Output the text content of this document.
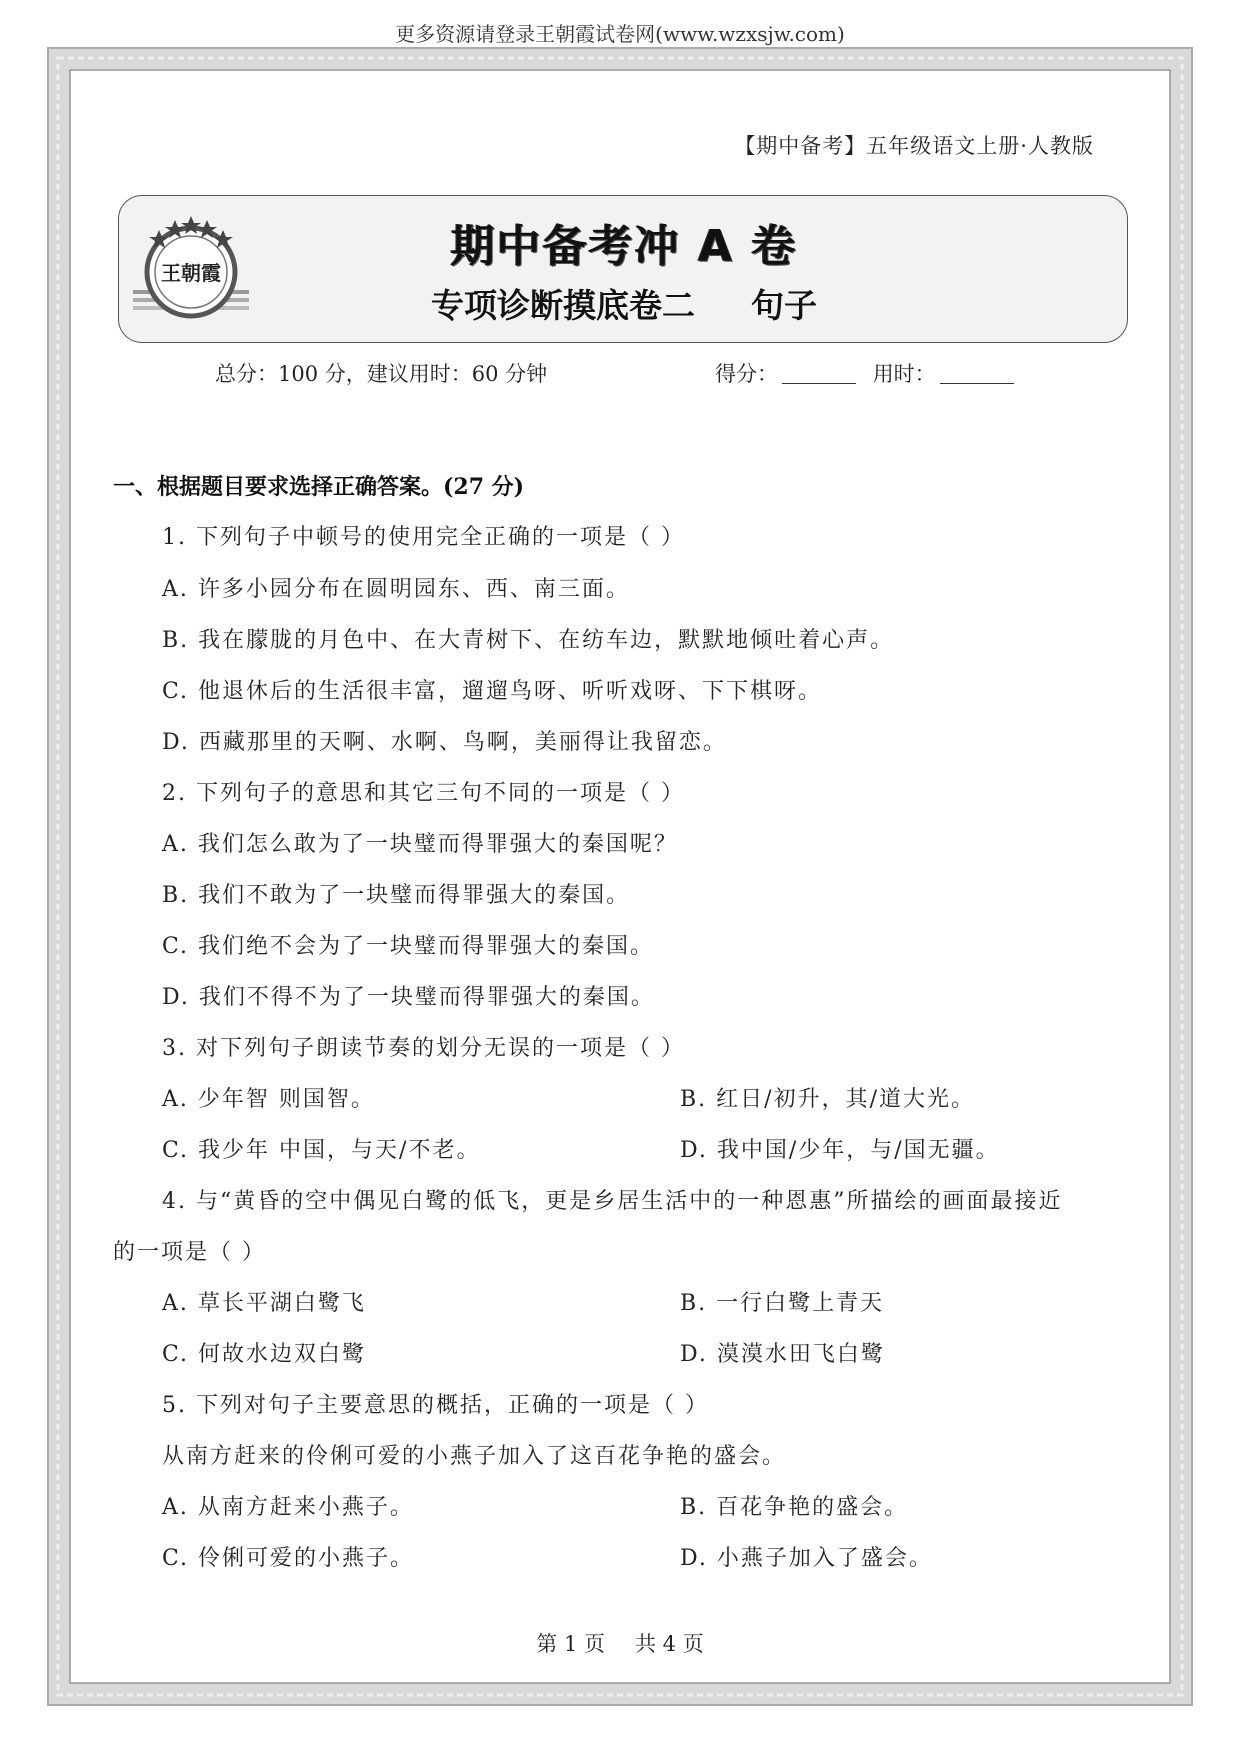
更多资源请登录王朝霞试卷网(www.wzxsjw.com)
【期中备考】五年级语文上册·人教版
王朝霞
期中备考冲 A 卷
专项诊断摸底卷二 句子
总分：100 分，建议用时：60 分钟	得分：	用时：
一、根据题目要求选择正确答案。(27 分)
1. 下列句子中顿号的使用完全正确的一项是（ ）
A. 许多小园分布在圆明园东、西、南三面。
B. 我在朦胧的月色中、在大青树下、在纺车边，默默地倾吐着心声。
C. 他退休后的生活很丰富，遛遛鸟呀、听听戏呀、下下棋呀。
D. 西藏那里的天啊、水啊、鸟啊，美丽得让我留恋。
2. 下列句子的意思和其它三句不同的一项是（ ）
A. 我们怎么敢为了一块璧而得罪强大的秦国呢？
B. 我们不敢为了一块璧而得罪强大的秦国。
C. 我们绝不会为了一块璧而得罪强大的秦国。
D. 我们不得不为了一块璧而得罪强大的秦国。
3. 对下列句子朗读节奏的划分无误的一项是（ ）
A. 少年智 则国智。	B. 红日/初升，其/道大光。
C. 我少年 中国，与天/不老。	D. 我中国/少年，与/国无疆。
4. 与“黄昏的空中偶见白鹭的低飞，更是乡居生活中的一种恩惠”所描绘的画面最接近
的一项是（ ）
A. 草长平湖白鹭飞	B. 一行白鹭上青天
C. 何故水边双白鹭	D. 漠漠水田飞白鹭
5. 下列对句子主要意思的概括，正确的一项是（ ）
从南方赶来的伶俐可爱的小燕子加入了这百花争艳的盛会。
A. 从南方赶来小燕子。	B. 百花争艳的盛会。
C. 伶俐可爱的小燕子。	D. 小燕子加入了盛会。
第 1 页 共 4 页
